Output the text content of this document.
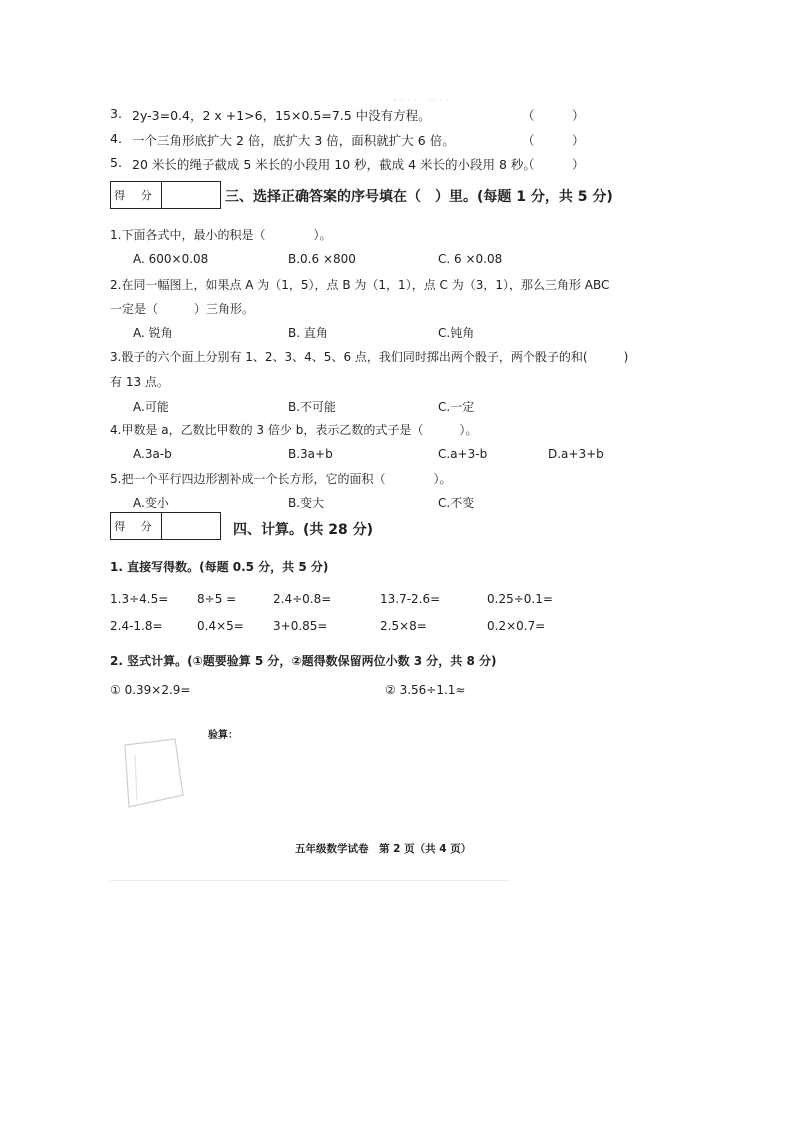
· · · ·　·· · ·
3. 2y-3=0.4，2 x +1>6，15×0.5=7.5 中没有方程。	（　　　）
4. 一个三角形底扩大 2 倍，底扩大 3 倍，面积就扩大 6 倍。	（　　　）
5. 20 米长的绳子截成 5 米长的小段用 10 秒，截成 4 米长的小段用 8 秒。
（　　　）
得 分	三、选择正确答案的序号填在（　）里。(每题 1 分，共 5 分)
1.下面各式中，最小的积是（　　　　）。
A. 600×0.08	B.0.6 ×800	C. 6 ×0.08
2.在同一幅图上，如果点 A 为（1，5），点 B 为（1，1），点 C 为（3，1），那么三角形 ABC
一定是（　　　）三角形。
A. 锐角	B. 直角	C.钝角
3.骰子的六个面上分别有 1、2、3、4、5、6 点，我们同时掷出两个骰子，两个骰子的和(　　　)
有 13 点。
A.可能	B.不可能	C.一定
4.甲数是 a，乙数比甲数的 3 倍少 b，表示乙数的式子是（　　　）。
A.3a-b	B.3a+b	C.a+3-b	D.a+3+b
5.把一个平行四边形割补成一个长方形，它的面积（　　　　）。
A.变小	B.变大	C.不变
得 分	四、计算。(共 28 分)
1. 直接写得数。(每题 0.5 分，共 5 分)
1.3÷4.5= 8÷5 =	2.4÷0.8=	13.7-2.6=	0.25÷0.1=
2.4-1.8=	0.4×5= 3+0.85=	2.5×8=	0.2×0.7=
2. 竖式计算。(①题要验算 5 分，②题得数保留两位小数 3 分，共 8 分)
① 0.39×2.9=	② 3.56÷1.1≈
验算：
五年级数学试卷　第 2 页（共 4 页）
